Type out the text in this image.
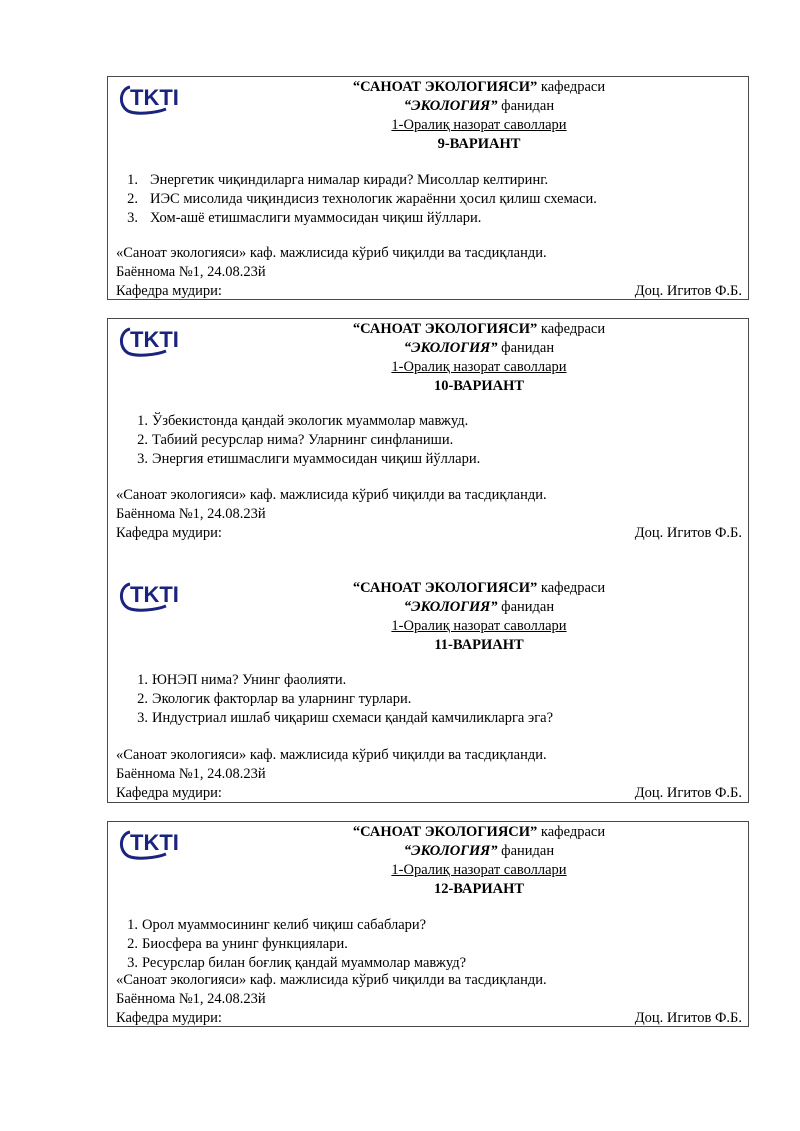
TKTI	“САНОАТ ЭКОЛОГИЯСИ” кафедраси
“ЭКОЛОГИЯ” фанидан
1-Оралиқ назорат саволлари
9-ВАРИАНТ
1. Энергетик чиқиндиларга нималар киради? Мисоллар келтиринг.
2. ИЭС мисолида чиқиндисиз технологик жараённи ҳосил қилиш схемаси.
3. Хом-ашё етишмаслиги муаммосидан чиқиш йўллари.
«Саноат экологияси» каф. мажлисида кўриб чиқилди ва тасдиқланди.
Баённома №1, 24.08.23й
Кафедра мудири:	Доц. Игитов Ф.Б.
TKTI	“САНОАТ ЭКОЛОГИЯСИ” кафедраси
“ЭКОЛОГИЯ” фанидан
1-Оралиқ назорат саволлари
10-ВАРИАНТ
1. Ўзбекистонда қандай экологик муаммолар мавжуд.
2. Табиий ресурслар нима? Уларнинг синфланиши.
3. Энергия етишмаслиги муаммосидан чиқиш йўллари.
«Саноат экологияси» каф. мажлисида кўриб чиқилди ва тасдиқланди.
Баённома №1, 24.08.23й
Кафедра мудири:	Доц. Игитов Ф.Б.
TKTI	“САНОАТ ЭКОЛОГИЯСИ” кафедраси
“ЭКОЛОГИЯ” фанидан
1-Оралиқ назорат саволлари
11-ВАРИАНТ
1. ЮНЭП нима? Унинг фаолияти.
2. Экологик факторлар ва уларнинг турлари.
3. Индустриал ишлаб чиқариш схемаси қандай камчиликларга эга?
«Саноат экологияси» каф. мажлисида кўриб чиқилди ва тасдиқланди.
Баённома №1, 24.08.23й
Кафедра мудири:	Доц. Игитов Ф.Б.
TKTI	“САНОАТ ЭКОЛОГИЯСИ” кафедраси
“ЭКОЛОГИЯ” фанидан
1-Оралиқ назорат саволлари
12-ВАРИАНТ
1. Орол муаммосининг келиб чиқиш сабаблари?
2. Биосфера ва унинг функциялари.
3. Ресурслар билан боғлиқ қандай муаммолар мавжуд?
«Саноат экологияси» каф. мажлисида кўриб чиқилди ва тасдиқланди.
Баённома №1, 24.08.23й
Кафедра мудири:	Доц. Игитов Ф.Б.
